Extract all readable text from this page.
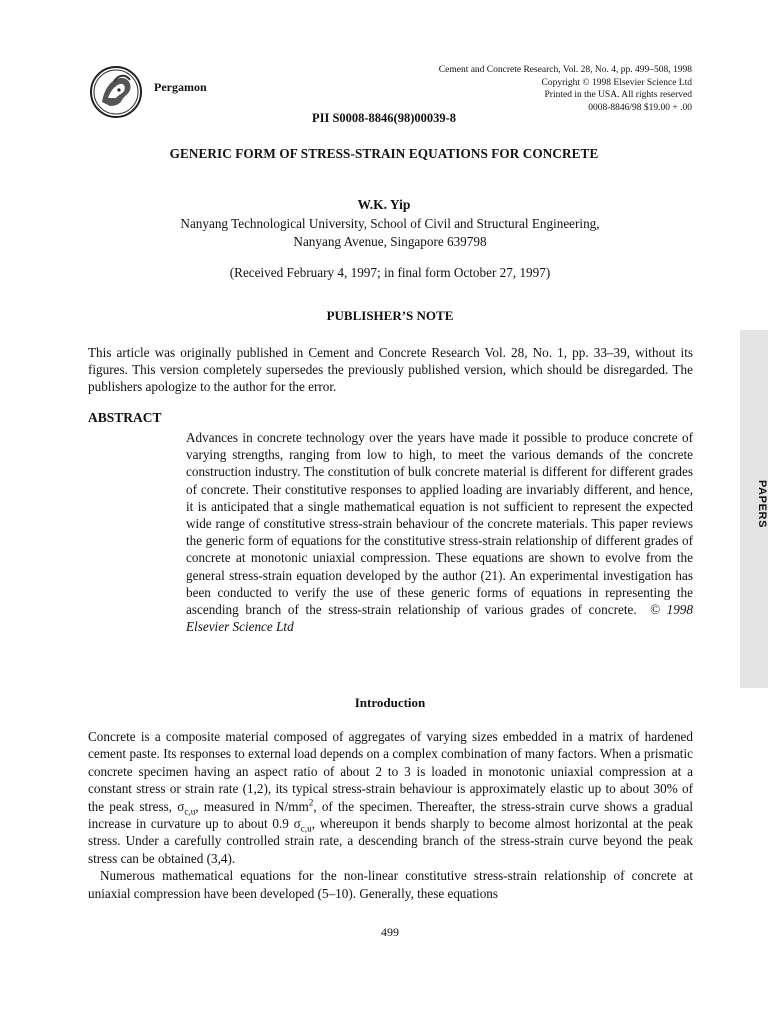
Pergamon
Cement and Concrete Research, Vol. 28, No. 4, pp. 499–508, 1998
Copyright © 1998 Elsevier Science Ltd
Printed in the USA. All rights reserved
0008-8846/98 $19.00 + .00
PII S0008-8846(98)00039-8
GENERIC FORM OF STRESS-STRAIN EQUATIONS FOR CONCRETE
W.K. Yip
Nanyang Technological University, School of Civil and Structural Engineering,
Nanyang Avenue, Singapore 639798
(Received February 4, 1997; in final form October 27, 1997)
PUBLISHER’S NOTE
This article was originally published in Cement and Concrete Research Vol. 28, No. 1, pp. 33–39, without its figures. This version completely supersedes the previously published version, which should be disregarded. The publishers apologize to the author for the error.
ABSTRACT
Advances in concrete technology over the years have made it possible to produce concrete of varying strengths, ranging from low to high, to meet the various demands of the concrete construction industry. The constitution of bulk concrete material is different for different grades of concrete. Their constitutive responses to applied loading are invariably different, and hence, it is anticipated that a single mathematical equation is not sufficient to represent the expected wide range of constitutive stress-strain behaviour of the concrete materials. This paper reviews the generic form of equations for the constitutive stress-strain relationship of different grades of concrete at monotonic uniaxial compression. These equations are shown to evolve from the general stress-strain equation developed by the author (21). An experimental investigation has been conducted to verify the use of these generic forms of equations in representing the ascending branch of the stress-strain relationship of various grades of concrete. © 1998 Elsevier Science Ltd
Introduction

Concrete is a composite material composed of aggregates of varying sizes embedded in a matrix of hardened cement paste. Its responses to external load depends on a complex combination of many factors. When a prismatic concrete specimen having an aspect ratio of about 2 to 3 is loaded in monotonic uniaxial compression at a constant stress or strain rate (1,2), its typical stress-strain behaviour is approximately elastic up to about 30% of the peak stress, $\sigma_{c,u}$, measured in $N/mm^2$, of the specimen. Thereafter, the stress-strain curve shows a gradual increase in curvature up to about 0.9 $\sigma_{c,u}$, whereupon it bends sharply to become almost horizontal at the peak stress. Under a carefully controlled strain rate, a descending branch of the stress-strain curve beyond the peak stress can be obtained (3,4).

Numerous mathematical equations for the non-linear constitutive stress-strain relationship of concrete at uniaxial compression have been developed (5–10). Generally, these equations

499
PAPERS
